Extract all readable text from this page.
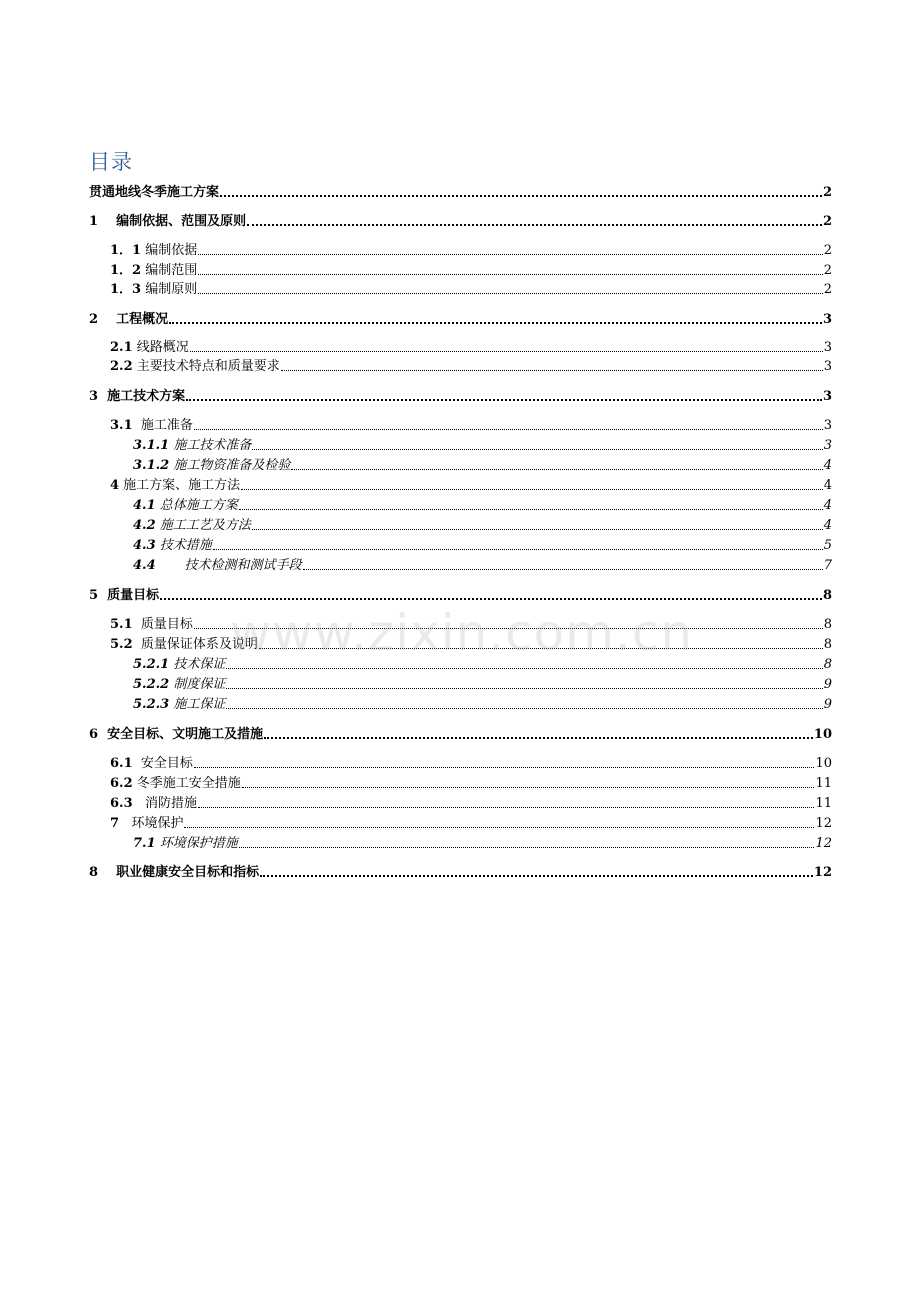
目录
贯通地线冬季施工方案	2
1    编制依据、范围及原则	2
1．1 编制依据	2
1．2 编制范围	2
1．3 编制原则	2
2    工程概况	3
2.1 线路概况	3
2.2 主要技术特点和质量要求	3
3  施工技术方案	3
3.1  施工准备	3
3.1.1 施工技术准备	3
3.1.2 施工物资准备及检验	4
4 施工方案、施工方法	4
4.1 总体施工方案	4
4.2 施工工艺及方法	4
4.3 技术措施	5
4.4       技术检测和测试手段	7
5  质量目标	8
5.1  质量目标	8
5.2  质量保证体系及说明	8
5.2.1 技术保证	8
5.2.2 制度保证	9
5.2.3 施工保证	9
6  安全目标、文明施工及措施	10
6.1  安全目标	10
6.2 冬季施工安全措施	11
6.3   消防措施	11
7   环境保护	12
7.1 环境保护措施	12
8    职业健康安全目标和指标	12
www.zixin.com.cn
